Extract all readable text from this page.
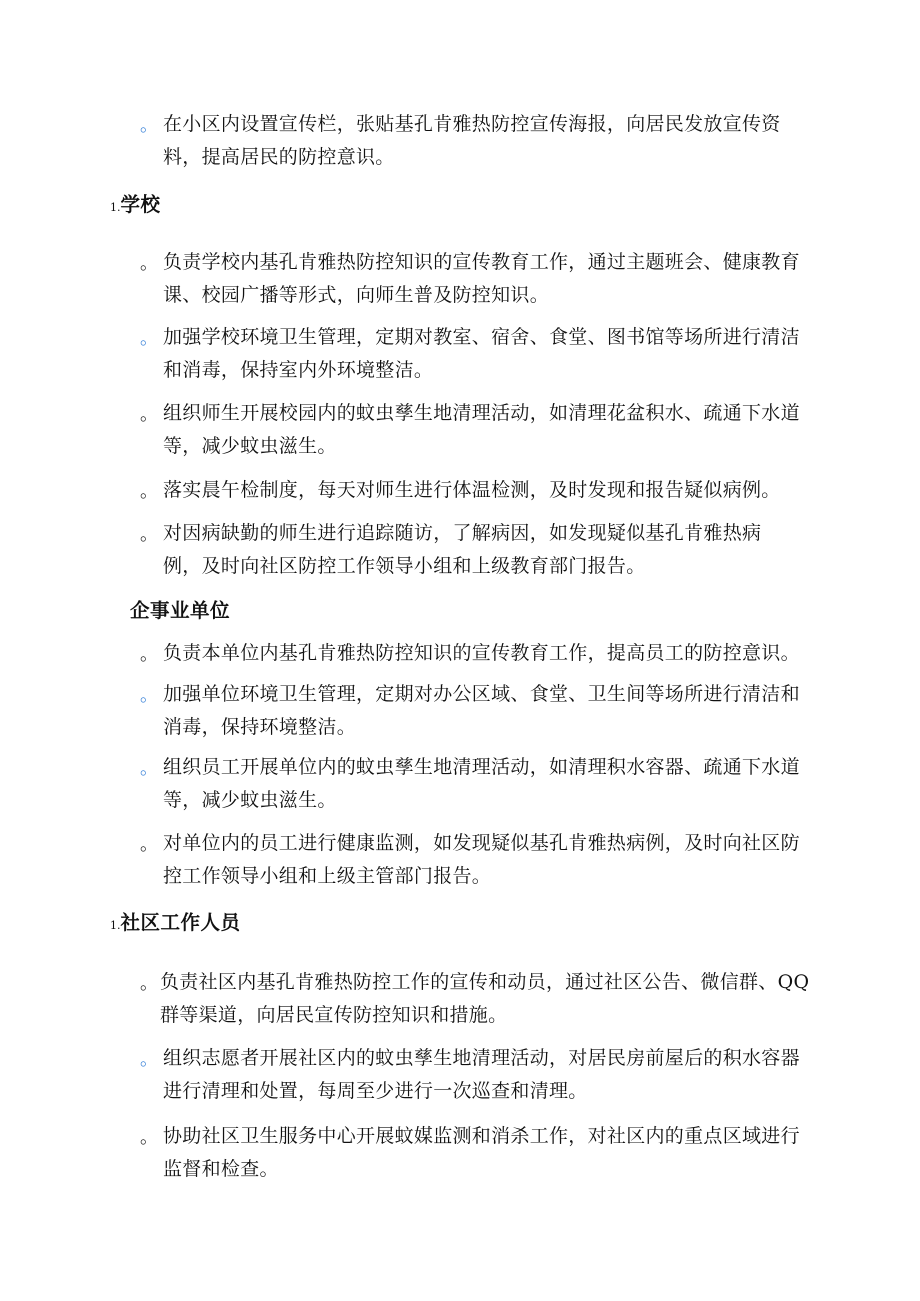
。 在小区内设置宣传栏，张贴基孔肯雅热防控宣传海报，向居民发放宣传资料，提高居民的防控意识。
1.学校
。 负责学校内基孔肯雅热防控知识的宣传教育工作，通过主题班会、健康教育课、校园广播等形式，向师生普及防控知识。
。 加强学校环境卫生管理，定期对教室、宿舍、食堂、图书馆等场所进行清洁和消毒，保持室内外环境整洁。
。 组织师生开展校园内的蚊虫孳生地清理活动，如清理花盆积水、疏通下水道等，减少蚊虫滋生。
。 落实晨午检制度，每天对师生进行体温检测，及时发现和报告疑似病例。
。 对因病缺勤的师生进行追踪随访，了解病因，如发现疑似基孔肯雅热病例，及时向社区防控工作领导小组和上级教育部门报告。
企事业单位
。 负责本单位内基孔肯雅热防控知识的宣传教育工作，提高员工的防控意识。
。 加强单位环境卫生管理，定期对办公区域、食堂、卫生间等场所进行清洁和消毒，保持环境整洁。
。 组织员工开展单位内的蚊虫孳生地清理活动，如清理积水容器、疏通下水道等，减少蚊虫滋生。
。 对单位内的员工进行健康监测，如发现疑似基孔肯雅热病例，及时向社区防控工作领导小组和上级主管部门报告。
1.社区工作人员
。 负责社区内基孔肯雅热防控工作的宣传和动员，通过社区公告、微信群、QQ群等渠道，向居民宣传防控知识和措施。
。 组织志愿者开展社区内的蚊虫孳生地清理活动，对居民房前屋后的积水容器进行清理和处置，每周至少进行一次巡查和清理。
。 协助社区卫生服务中心开展蚊媒监测和消杀工作，对社区内的重点区域进行监督和检查。
